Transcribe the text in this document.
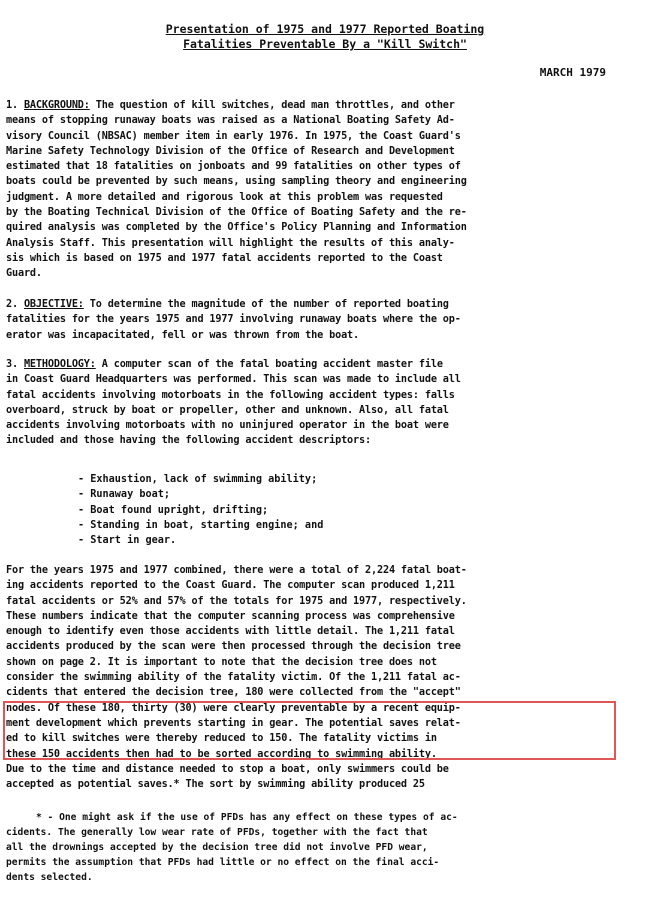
Presentation of 1975 and 1977 Reported Boating
Fatalities Preventable By a "Kill Switch"
MARCH 1979
1. BACKGROUND: The question of kill switches, dead man throttles, and other
means of stopping runaway boats was raised as a National Boating Safety Ad-
visory Council (NBSAC) member item in early 1976. In 1975, the Coast Guard's
Marine Safety Technology Division of the Office of Research and Development
estimated that 18 fatalities on jonboats and 99 fatalities on other types of
boats could be prevented by such means, using sampling theory and engineering
judgment. A more detailed and rigorous look at this problem was requested
by the Boating Technical Division of the Office of Boating Safety and the re-
quired analysis was completed by the Office's Policy Planning and Information
Analysis Staff. This presentation will highlight the results of this analy-
sis which is based on 1975 and 1977 fatal accidents reported to the Coast
Guard.
2. OBJECTIVE: To determine the magnitude of the number of reported boating
fatalities for the years 1975 and 1977 involving runaway boats where the op-
erator was incapacitated, fell or was thrown from the boat.
3. METHODOLOGY: A computer scan of the fatal boating accident master file
in Coast Guard Headquarters was performed. This scan was made to include all
fatal accidents involving motorboats in the following accident types: falls
overboard, struck by boat or propeller, other and unknown. Also, all fatal
accidents involving motorboats with no uninjured operator in the boat were
included and those having the following accident descriptors:
- Exhaustion, lack of swimming ability;
- Runaway boat;
- Boat found upright, drifting;
- Standing in boat, starting engine; and
- Start in gear.
For the years 1975 and 1977 combined, there were a total of 2,224 fatal boat-
ing accidents reported to the Coast Guard. The computer scan produced 1,211
fatal accidents or 52% and 57% of the totals for 1975 and 1977, respectively.
These numbers indicate that the computer scanning process was comprehensive
enough to identify even those accidents with little detail. The 1,211 fatal
accidents produced by the scan were then processed through the decision tree
shown on page 2. It is important to note that the decision tree does not
consider the swimming ability of the fatality victim. Of the 1,211 fatal ac-
cidents that entered the decision tree, 180 were collected from the "accept"
nodes. Of these 180, thirty (30) were clearly preventable by a recent equip-
ment development which prevents starting in gear. The potential saves relat-
ed to kill switches were thereby reduced to 150. The fatality victims in
these 150 accidents then had to be sorted according to swimming ability.
Due to the time and distance needed to stop a boat, only swimmers could be
accepted as potential saves.* The sort by swimming ability produced 25
* - One might ask if the use of PFDs has any effect on these types of ac-
cidents. The generally low wear rate of PFDs, together with the fact that
all the drownings accepted by the decision tree did not involve PFD wear,
permits the assumption that PFDs had little or no effect on the final acci-
dents selected.
